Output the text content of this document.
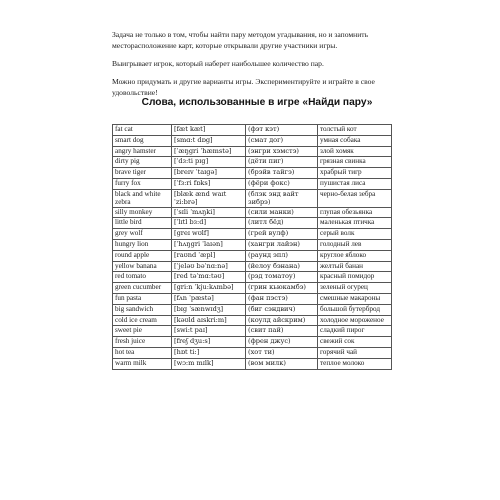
Задача не только в том, чтобы найти пару методом угадывания, но и запомнить месторасположение карт, которые открывали другие участники игры.

Выигрывает игрок, который наберет наибольшее количество пар.

Можно придумать и другие варианты игры. Экспериментируйте и играйте в свое удовольствие!

Слова, использованные в игре «Найди пару»
fat cat	[fæt kæt]	(фэт кэт)	толстый кот
smart dog	[smɑ:t dɒg]	(смат дог)	умная собака
angry hamster	[ˈæŋgri ˈhæmstə]	(энгри хэмстэ)	злой хомяк
dirty pig	[ˈdɜ:ti pɪg]	(дёти пиг)	грязная свинка
brave tiger	[breɪv ˈtaɪgə]	(брэйв тайгэ)	храбрый тигр
furry fox	[ˈfɜ:ri fɒks]	(фёри фокс)	пушистая лиса
black and white zebra	[blæk ænd waɪt ˈzi:brə]	(блэк энд вайт зибрэ)	черно-белая зебра
silly monkey	[ˈsɪli ˈmʌŋki]	(сили манки)	глупая обезьянка
little bird	[ˈlɪtl bɜ:d]	(литл бёд)	маленькая птичка
grey wolf	[greɪ wʊlf]	(грей вулф)	серый волк
hungry lion	[ˈhʌŋgri ˈlaɪən]	(хангри лайэн)	голодный лев
round apple	[raʊnd ˈæpl]	(раунд эпл)	круглое яблоко
yellow banana	[ˈjeləʊ bəˈnɑ:nə]	(йелоу бэнана)	желтый банан
red tomato	[red təˈmɑ:təʊ]	(рэд томатоу)	красный помидор
green cucumber	[gri:n ˈkju:kʌmbə]	(грин кьюкамбэ)	зеленый огурец
fun pasta	[fʌn ˈpæstə]	(фан пэстэ)	смешные макароны
big sandwich	[bɪg ˈsænwɪdʒ]	(биг сэндвич)	большой бутерброд
cold ice cream	[kəʊld aɪskri:m]	(коулд айскрим)	холодное мороженое
sweet pie	[swi:t paɪ]	(свит пай)	сладкий пирог
fresh juice	[freʃ dʒu:s]	(френ джус)	свежий сок
hot tea	[hɒt ti:]	(хот ти)	горячий чай
warm milk	[wɔ:m mɪlk]	(вом милк)	теплое молоко
